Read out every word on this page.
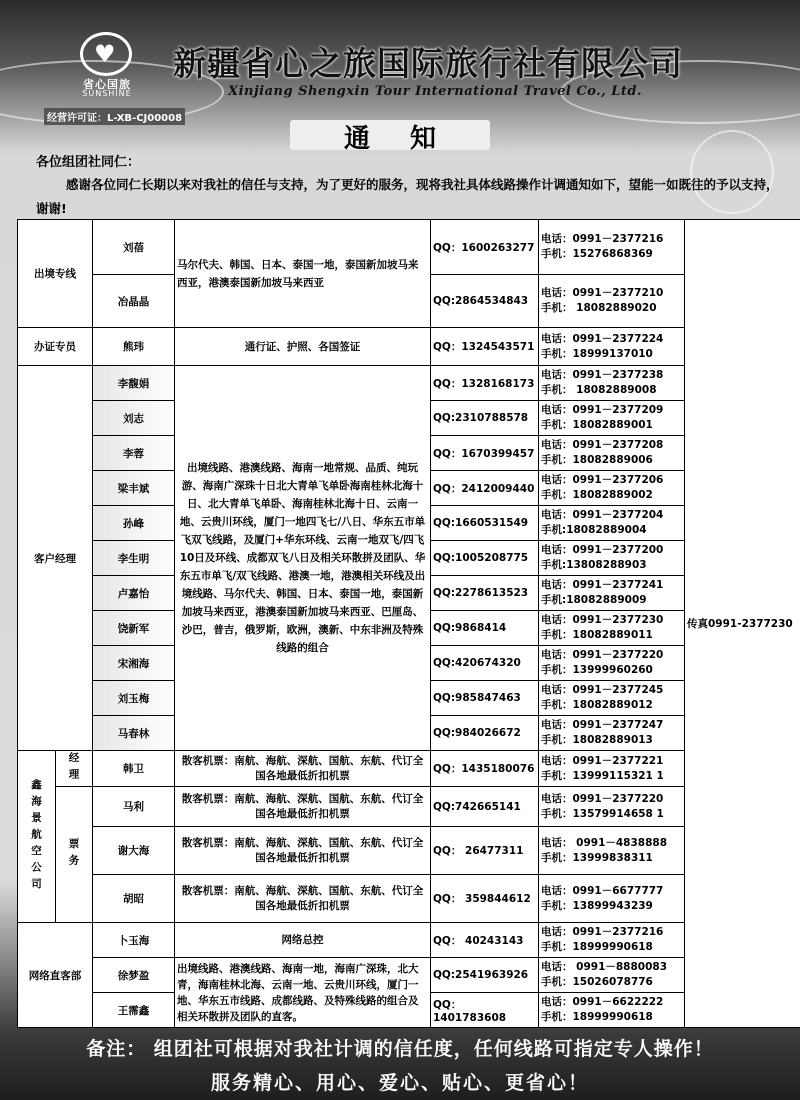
♥
省心国旅
SUNSHINE
新疆省心之旅国际旅行社有限公司
Xinjiang Shengxin Tour International Travel Co., Ltd.
经营许可证：L-XB-CJ00008
通知
各位组团社同仁：
感谢各位同仁长期以来对我社的信任与支持，为了更好的服务，现将我社具体线路操作计调通知如下，望能一如既往的予以支持，谢谢!
出境专线		刘蓓	马尔代夫、韩国、日本、泰国一地，泰国新加坡马来西亚，港澳泰国新加坡马来西亚	QQ：1600263277	电话：0991－2377216
手机：15276868369	传真0991-2377230
		冶晶晶		QQ:2864534843	电话：0991－2377210
手机： 18082889020	

办证专员		熊玮	通行证、护照、各国签证	QQ：1324543571	电话：0991－2377224
手机：18999137010	

客户经理		李馥娟	出境线路、港澳线路、海南一地常规、品质、纯玩游、海南广深珠十日北大青单飞单卧海南桂林北海十日、北大青单飞单卧、海南桂林北海十日、云南一地、云贵川环线，厦门一地四飞七/八日、华东五市单飞双飞线路，及厦门+华东环线、云南一地双飞/四飞10日及环线、成都双飞八日及相关环散拼及团队、华东五市单飞/双飞线路、港澳一地，港澳相关环线及出境线路、马尔代夫、韩国、日本、泰国一地，泰国新加坡马来西亚，港澳泰国新加坡马来西亚、巴厘岛、沙巴，普吉，俄罗斯，欧洲，澳新、中东非洲及特殊线路的组合	QQ：1328168173	电话：0991－2377238
手机： 18082889008	

		刘志		QQ:2310788578	电话：0991－2377209
手机：18082889001	

		李蓉		QQ：1670399457	电话：0991－2377208
手机：18082889006	

		梁丰斌		QQ：2412009440	电话：0991－2377206
手机：18082889002	

		孙峰		QQ:1660531549	电话：0991－2377204
手机:18082889004	

		李生明		QQ:1005208775	电话：0991－2377200
手机:13808288903	

		卢嘉怡		QQ:2278613523	电话：0991－2377241
手机:18082889009	

		饶新军		QQ:9868414	电话：0991－2377230
手机：18082889011	

		宋湘海		QQ:420674320	电话：0991－2377220
手机：13999960260	

		刘玉梅		QQ:985847463	电话：0991－2377245
手机：18082889012	

		马春林		QQ:984026672	电话：0991－2377247
手机：18082889013	

鑫海景航空公司	经理	韩卫	散客机票：南航、海航、深航、国航、东航、代订全国各地最低折扣机票	QQ：1435180076	电话：0991－2377221
手机：13999115321 1	

	票务	马利	散客机票：南航、海航、深航、国航、东航、代订全国各地最低折扣机票	QQ:742665141	电话：0991－2377220
手机：13579914658 1	

		谢大海	散客机票：南航、海航、深航、国航、东航、代订全国各地最低折扣机票	QQ： 26477311	电话： 0991－4838888
手机：13999838311	

		胡昭	散客机票：南航、海航、深航、国航、东航、代订全国各地最低折扣机票	QQ： 359844612	电话：0991－6677777
手机：13899943239	

网络直客部		卜玉海	网络总控	QQ： 40243143	电话：0991－2377216
手机：18999990618	

		徐梦盈	出境线路、港澳线路、海南一地，海南广深珠，北大青，海南桂林北海、云南一地、云贵川环线，厦门一地、华东五市线路、成都线路、及特殊线路的组合及相关环散拼及团队的直客。	QQ:2541963926	电话： 0991－8880083
手机：15026078776	

		王霈鑫		QQ： 1401783608	电话：0991－6622222
手机：18999990618	
备注： 组团社可根据对我社计调的信任度，任何线路可指定专人操作！
服务精心、用心、爱心、贴心、更省心！
